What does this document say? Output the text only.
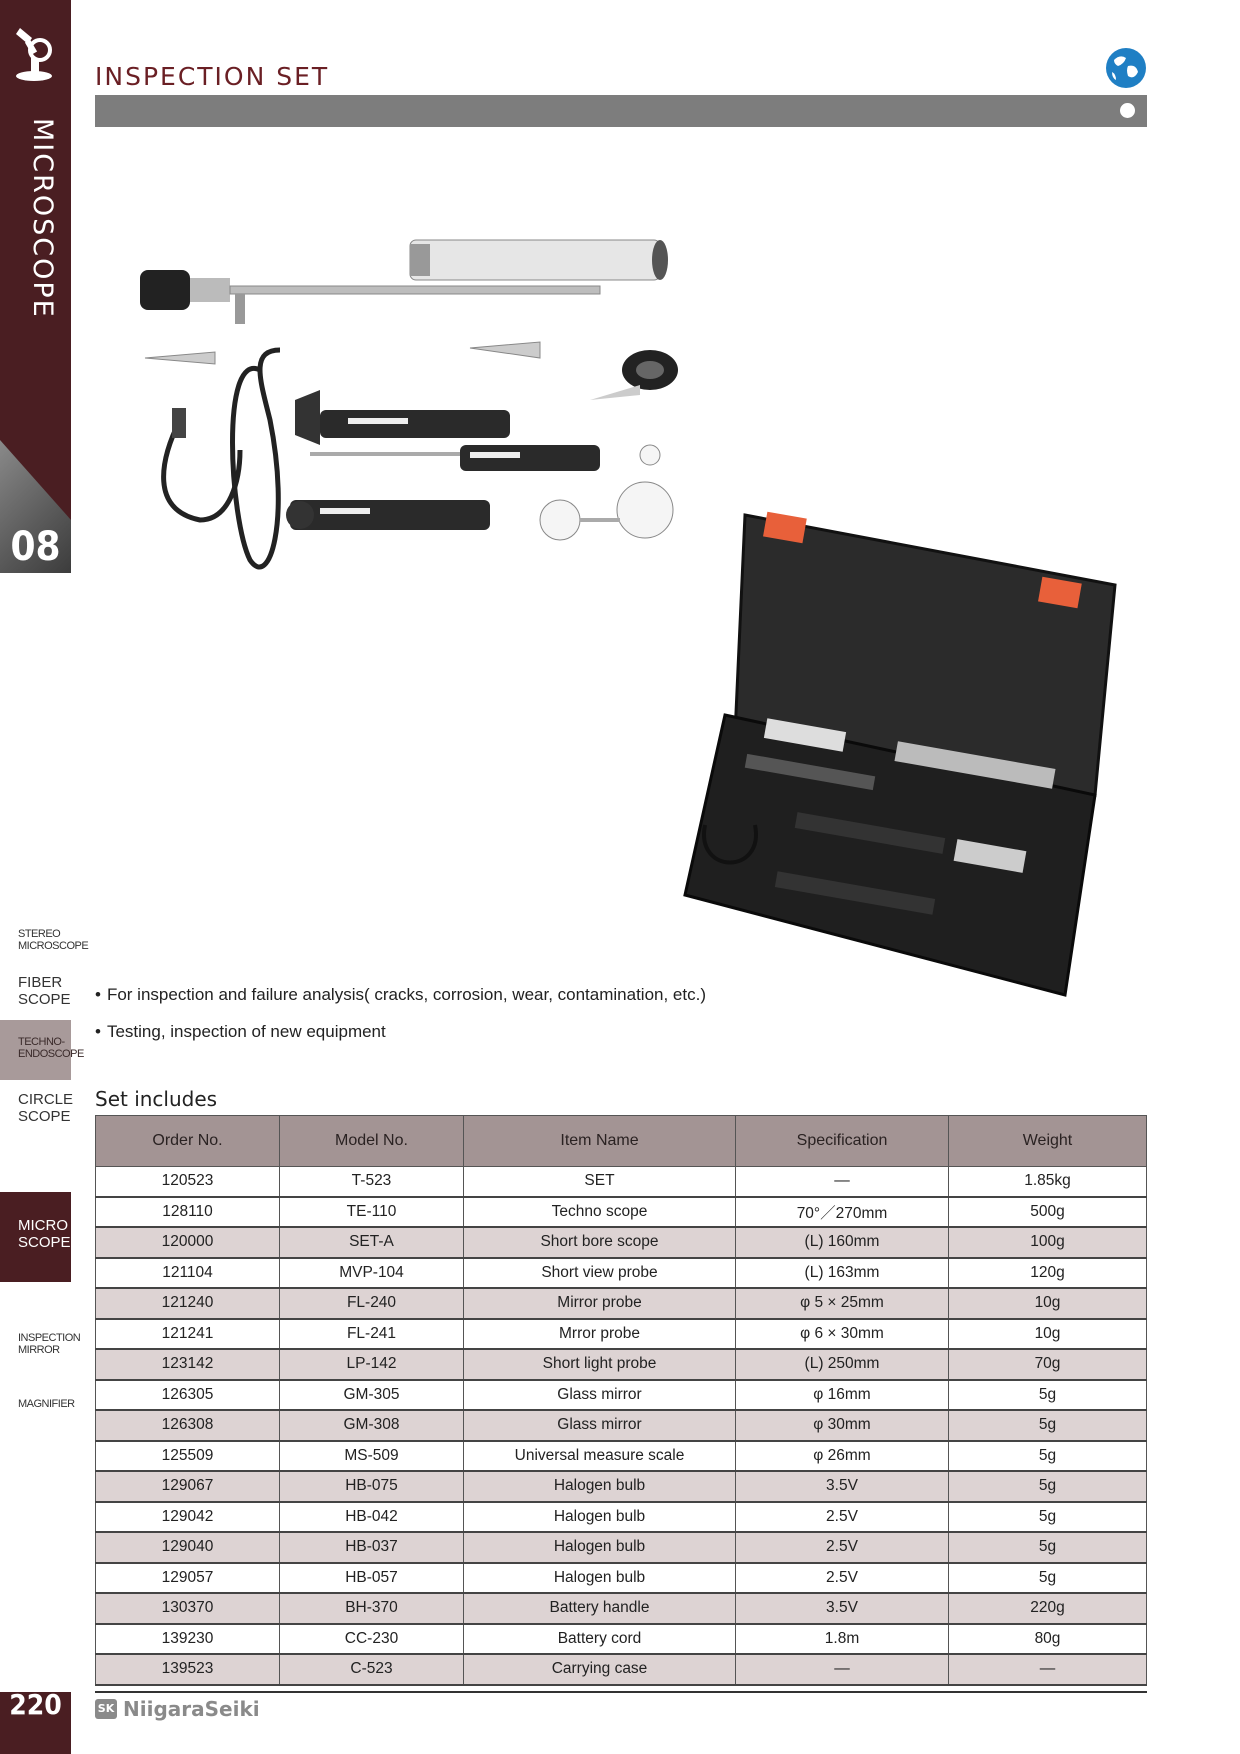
MICROSCOPE
08
STEREO
MICROSCOPE
FIBER
SCOPE
TECHNO-
ENDOSCOPE
CIRCLE
SCOPE
MICRO
SCOPE
INSPECTION
MIRROR
MAGNIFIER
INSPECTION SET
• For inspection and failure analysis( cracks, corrosion, wear, contamination, etc.)
• Testing, inspection of new equipment
Set includes
Order No.	Model No.	Item Name	Specification	Weight
120523	T-523	SET	—	1.85kg
128110	TE-110	Techno scope	70°／270mm	500g
120000	SET-A	Short bore scope	(L) 160mm	100g
121104	MVP-104	Short view probe	(L) 163mm	120g
121240	FL-240	Mirror probe	φ 5 × 25mm	10g
121241	FL-241	Mrror probe	φ 6 × 30mm	10g
123142	LP-142	Short light probe	(L) 250mm	70g
126305	GM-305	Glass mirror	φ 16mm	5g
126308	GM-308	Glass mirror	φ 30mm	5g
125509	MS-509	Universal measure scale	φ 26mm	5g
129067	HB-075	Halogen bulb	3.5V	5g
129042	HB-042	Halogen bulb	2.5V	5g
129040	HB-037	Halogen bulb	2.5V	5g
129057	HB-057	Halogen bulb	2.5V	5g
130370	BH-370	Battery handle	3.5V	220g
139230	CC-230	Battery cord	1.8m	80g
139523	C-523	Carrying case	—	—
220	SK NiigaraSeiki
